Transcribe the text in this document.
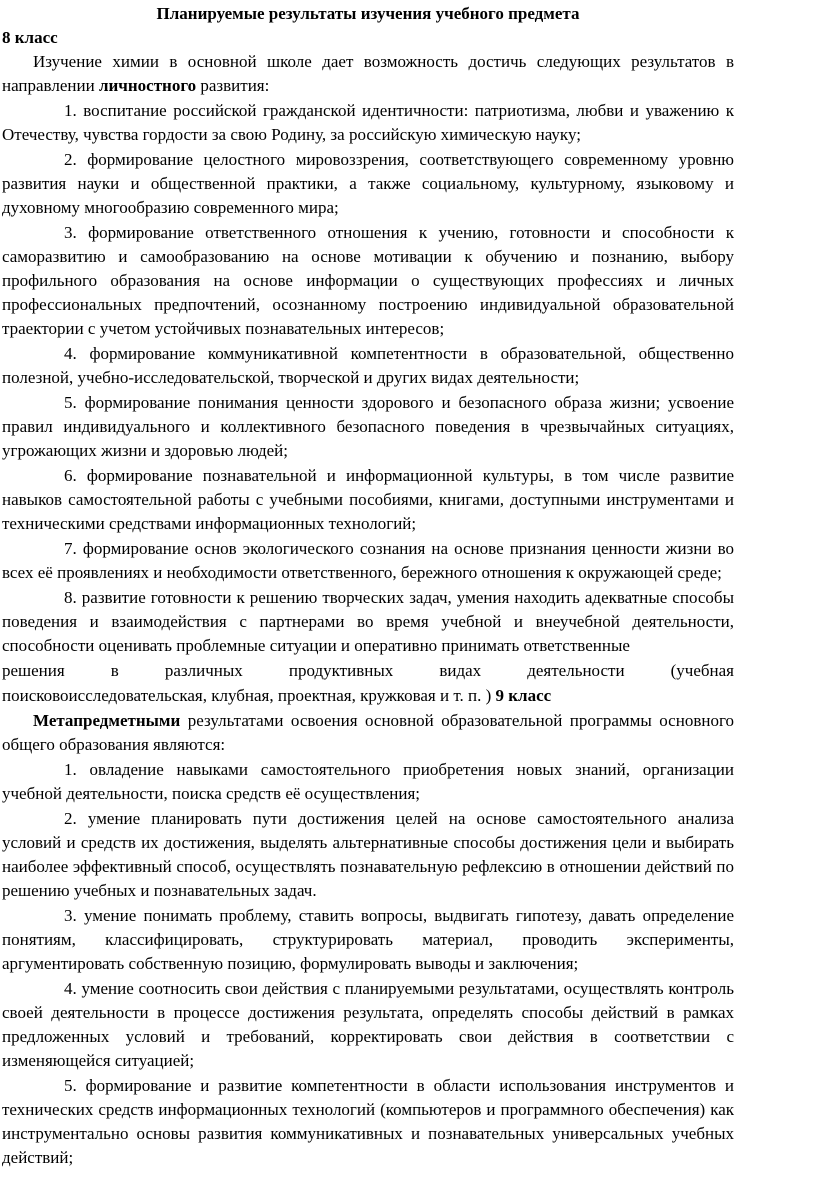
Планируемые результаты изучения учебного предмета
8 класс

Изучение химии в основной школе дает возможность достичь следующих результатов в направлении личностного развития:

1. воспитание российской гражданской идентичности: патриотизма, любви и уважению к Отечеству, чувства гордости за свою Родину, за российскую химическую науку;

2. формирование целостного мировоззрения, соответствующего современному уровню развития науки и общественной практики, а также социальному, культурному, языковому и духовному многообразию современного мира;

3. формирование ответственного отношения к учению, готовности и способности к саморазвитию и самообразованию на основе мотивации к обучению и познанию, выбору профильного образования на основе информации о существующих профессиях и личных профессиональных предпочтений, осознанному построению индивидуальной образовательной траектории с учетом устойчивых познавательных интересов;

4. формирование коммуникативной компетентности в образовательной, общественно полезной, учебно-исследовательской, творческой и других видах деятельности;

5. формирование понимания ценности здорового и безопасного образа жизни; усвоение правил индивидуального и коллективного безопасного поведения в чрезвычайных ситуациях, угрожающих жизни и здоровью людей;

6. формирование познавательной и информационной культуры, в том числе развитие навыков самостоятельной работы с учебными пособиями, книгами, доступными инструментами и техническими средствами информационных технологий;

7. формирование основ экологического сознания на основе признания ценности жизни во всех её проявлениях и необходимости ответственного, бережного отношения к окружающей среде;

8. развитие готовности к решению творческих задач, умения находить адекватные способы поведения и взаимодействия с партнерами во время учебной и внеучебной деятельности, способности оценивать проблемные ситуации и оперативно принимать ответственные

решения в различных продуктивных видах деятельности (учебная

поисковоисследовательская, клубная, проектная, кружковая и т. п. ) 9 класс

Метапредметными результатами освоения основной образовательной программы основного общего образования являются:

1. овладение навыками самостоятельного приобретения новых знаний, организации учебной деятельности, поиска средств её осуществления;

2. умение планировать пути достижения целей на основе самостоятельного анализа условий и средств их достижения, выделять альтернативные способы достижения цели и выбирать наиболее эффективный способ, осуществлять познавательную рефлексию в отношении действий по решению учебных и познавательных задач.

3. умение понимать проблему, ставить вопросы, выдвигать гипотезу, давать определение понятиям, классифицировать, структурировать материал, проводить эксперименты, аргументировать собственную позицию, формулировать выводы и заключения;

4. умение соотносить свои действия с планируемыми результатами, осуществлять контроль своей деятельности в процессе достижения результата, определять способы действий в рамках предложенных условий и требований, корректировать свои действия в соответствии с изменяющейся ситуацией;

5. формирование и развитие компетентности в области использования инструментов и технических средств информационных технологий (компьютеров и программного обеспечения) как инструментально основы развития коммуникативных и познавательных универсальных учебных действий;
